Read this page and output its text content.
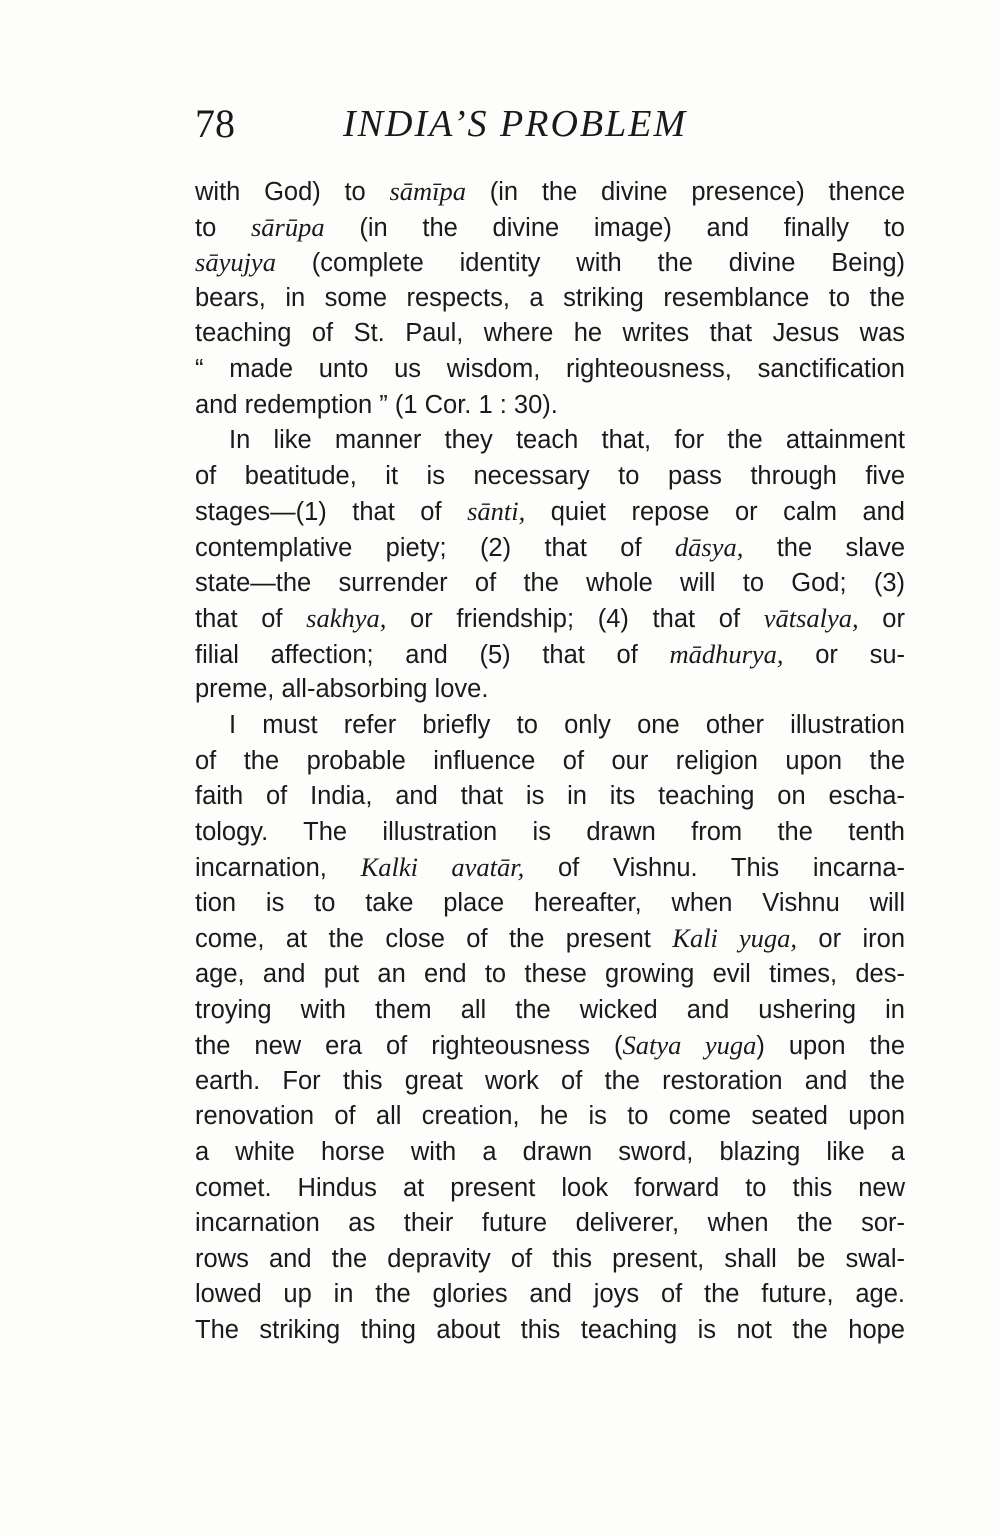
78	INDIA’S PROBLEM
with God) to sāmīpa (in the divine presence) thence
to sārūpa (in the divine image) and finally to
sāyujya (complete identity with the divine Being)
bears, in some respects, a striking resemblance to the
teaching of St. Paul, where he writes that Jesus was
“ made unto us wisdom, righteousness, sanctification
and redemption ” (1 Cor. 1 : 30).
In like manner they teach that, for the attainment
of beatitude, it is necessary to pass through five
stages—(1) that of sānti, quiet repose or calm and
contemplative piety; (2) that of dāsya, the slave
state—the surrender of the whole will to God; (3)
that of sakhya, or friendship; (4) that of vātsalya, or
filial affection; and (5) that of mādhurya, or su-
preme, all-absorbing love.
I must refer briefly to only one other illustration
of the probable influence of our religion upon the
faith of India, and that is in its teaching on escha-
tology. The illustration is drawn from the tenth
incarnation, Kalki avatār, of Vishnu. This incarna-
tion is to take place hereafter, when Vishnu will
come, at the close of the present Kali yuga, or iron
age, and put an end to these growing evil times, des-
troying with them all the wicked and ushering in
the new era of righteousness (Satya yuga) upon the
earth. For this great work of the restoration and the
renovation of all creation, he is to come seated upon
a white horse with a drawn sword, blazing like a
comet. Hindus at present look forward to this new
incarnation as their future deliverer, when the sor-
rows and the depravity of this present, shall be swal-
lowed up in the glories and joys of the future, age.
The striking thing about this teaching is not the hope
